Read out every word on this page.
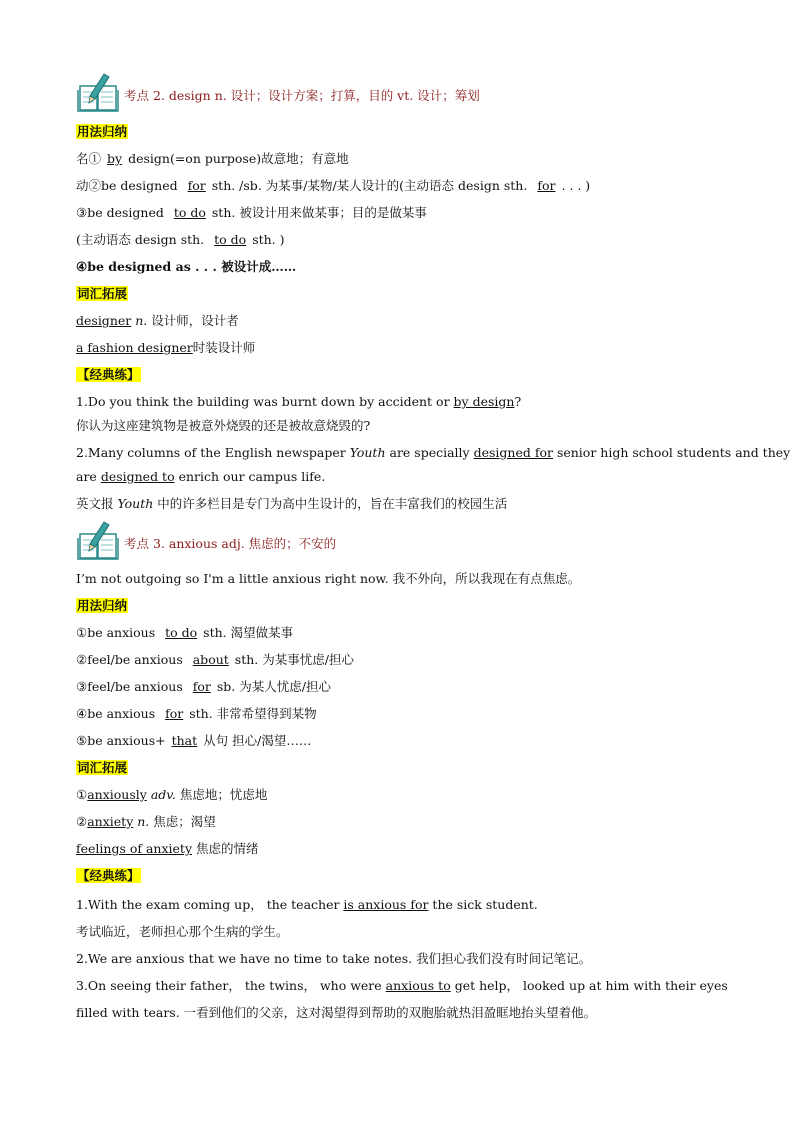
考点 2. design n. 设计；设计方案；打算，目的 vt. 设计；筹划
用法归纳
名① by design(=on purpose)故意地；有意地
动②be designed for sth. /sb. 为某事/某物/某人设计的(主动语态 design sth. for . . . )
③be designed to do sth. 被设计用来做某事；目的是做某事
(主动语态 design sth. to do sth. )
④be designed as . . . 被设计成……
词汇拓展
designer n. 设计师，设计者
a fashion designer时装设计师
【经典练】
1.Do you think the building was burnt down by accident or by design?
你认为这座建筑物是被意外烧毁的还是被故意烧毁的?
2.Many columns of the English newspaper Youth are specially designed for senior high school students and they
are designed to enrich our campus life.
英文报 Youth 中的许多栏目是专门为高中生设计的，旨在丰富我们的校园生活
考点 3. anxious adj. 焦虑的；不安的
I’m not outgoing so I'm a little anxious right now. 我不外向，所以我现在有点焦虑。
用法归纳
①be anxious to do sth. 渴望做某事
②feel/be anxious about sth. 为某事忧虑/担心
③feel/be anxious for sb. 为某人忧虑/担心
④be anxious for sth. 非常希望得到某物
⑤be anxious+ that 从句 担心/渴望……
词汇拓展
①anxiously adv. 焦虑地；忧虑地
②anxiety n. 焦虑；渴望
feelings of anxiety 焦虑的情绪
【经典练】
1.With the exam coming up， the teacher is anxious for the sick student.
考试临近，老师担心那个生病的学生。
2.We are anxious that we have no time to take notes. 我们担心我们没有时间记笔记。
3.On seeing their father， the twins， who were anxious to get help， looked up at him with their eyes
filled with tears. 一看到他们的父亲，这对渴望得到帮助的双胞胎就热泪盈眶地抬头望着他。
